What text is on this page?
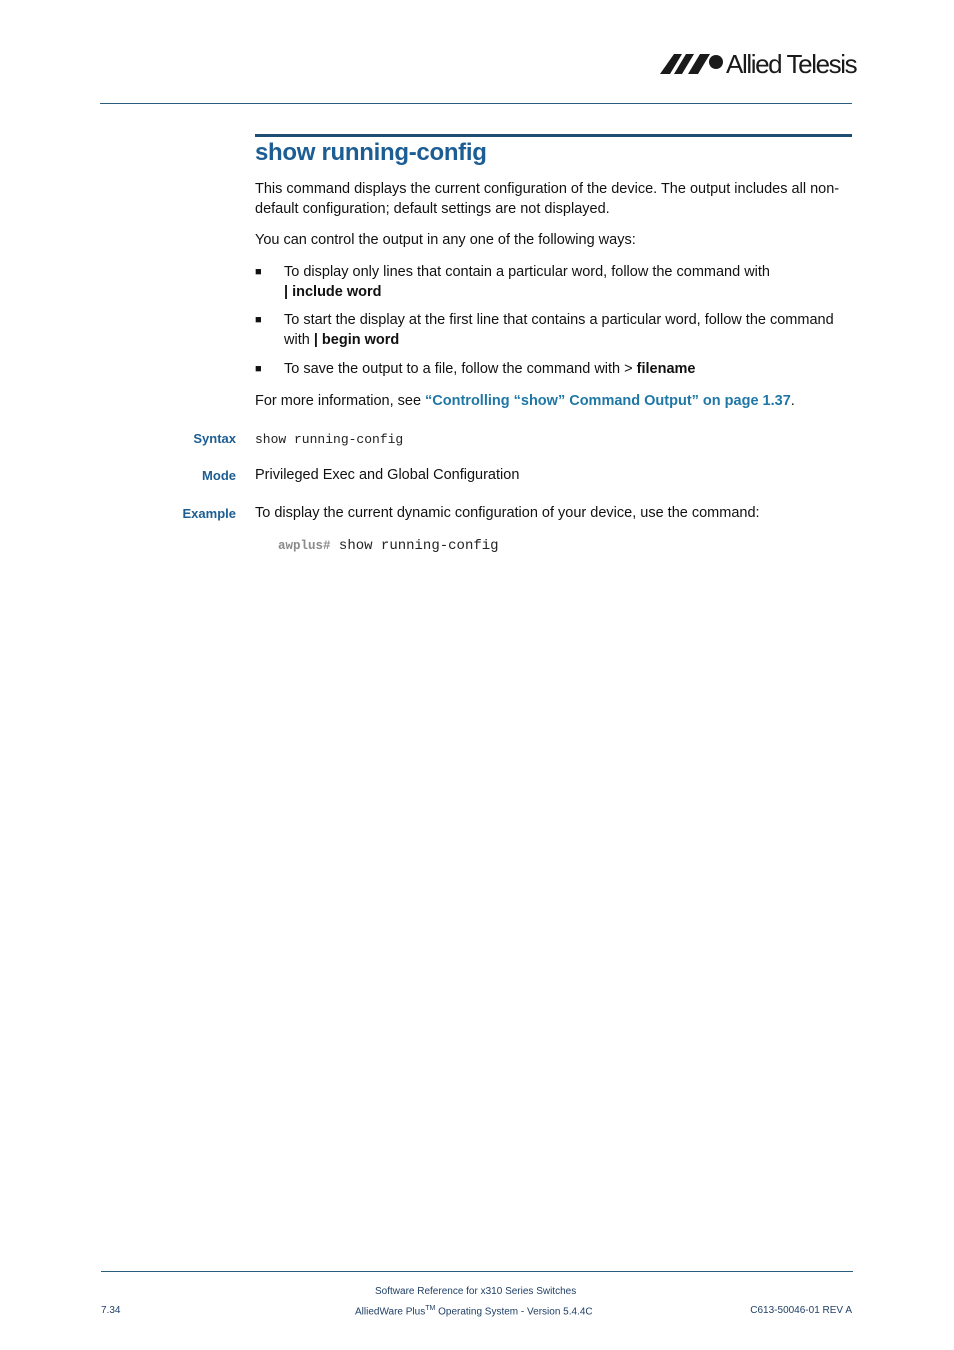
Allied Telesis
show running-config

This command displays the current configuration of the device. The output includes all non-default configuration; default settings are not displayed.

You can control the output in any one of the following ways:

■ To display only lines that contain a particular word, follow the command with
| include word
■ To start the display at the first line that contains a particular word, follow the command with | begin word
■ To save the output to a file, follow the command with > filename

For more information, see “Controlling “show” Command Output” on page 1.37.

Syntax show running-config
Mode Privileged Exec and Global Configuration

Example To display the current dynamic configuration of your device, use the command:

awplus# show running-config
Software Reference for x310 Series Switches
AlliedWare Plus™ Operating System - Version 5.4.4C
7.34	C613-50046-01 REV A
